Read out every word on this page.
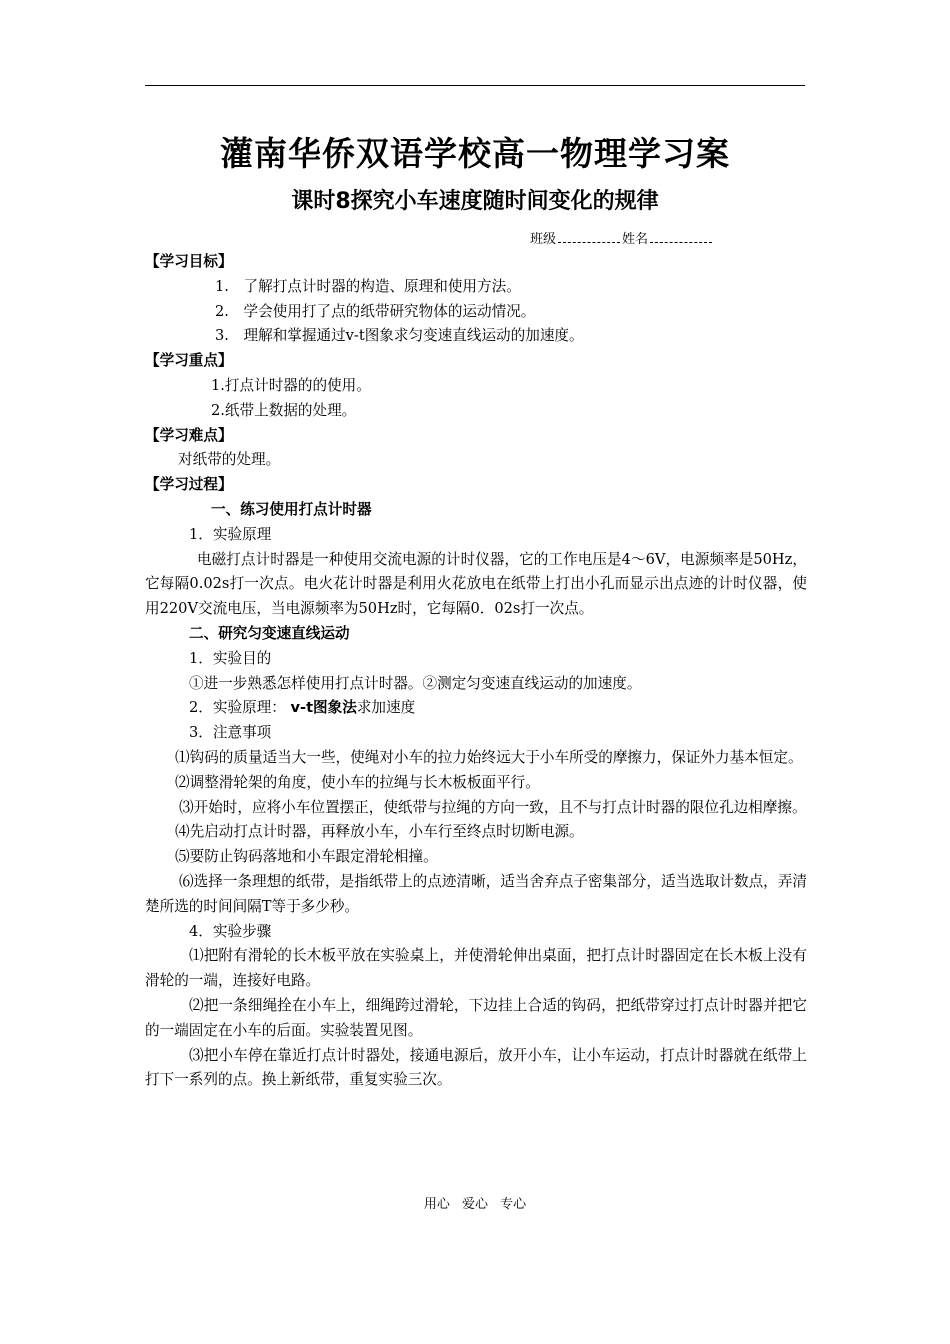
灌南华侨双语学校高一物理学习案
课时8探究小车速度随时间变化的规律
班级	姓名

【学习目标】

1.　了解打点计时器的构造、原理和使用方法。

2.　学会使用打了点的纸带研究物体的运动情况。

3.　理解和掌握通过v-t图象求匀变速直线运动的加速度。

【学习重点】

1.打点计时器的的使用。

2.纸带上数据的处理。

【学习难点】

对纸带的处理。

【学习过程】

一、练习使用打点计时器

1．实验原理

电磁打点计时器是一种使用交流电源的计时仪器，它的工作电压是4～6V，电源频率是50Hz，它每隔0.02s打一次点。电火花计时器是利用火花放电在纸带上打出小孔而显示出点迹的计时仪器，使用220V交流电压，当电源频率为50Hz时，它每隔0．02s打一次点。

二、研究匀变速直线运动

1．实验目的

①进一步熟悉怎样使用打点计时器。②测定匀变速直线运动的加速度。

2．实验原理： v-t图象法求加速度

3．注意事项

⑴钩码的质量适当大一些，使绳对小车的拉力始终远大于小车所受的摩擦力，保证外力基本恒定。

⑵调整滑轮架的角度，使小车的拉绳与长木板板面平行。

⑶开始时，应将小车位置摆正，使纸带与拉绳的方向一致，且不与打点计时器的限位孔边相摩擦。

⑷先启动打点计时器，再释放小车，小车行至终点时切断电源。

⑸要防止钩码落地和小车跟定滑轮相撞。

⑹选择一条理想的纸带，是指纸带上的点迹清晰，适当舍弃点子密集部分，适当选取计数点，弄清楚所选的时间间隔T等于多少秒。

4．实验步骤

⑴把附有滑轮的长木板平放在实验桌上，并使滑轮伸出桌面，把打点计时器固定在长木板上没有滑轮的一端，连接好电路。

⑵把一条细绳拴在小车上，细绳跨过滑轮，下边挂上合适的钩码，把纸带穿过打点计时器并把它的一端固定在小车的后面。实验装置见图。

⑶把小车停在靠近打点计时器处，接通电源后，放开小车，让小车运动，打点计时器就在纸带上打下一系列的点。换上新纸带，重复实验三次。

用心 爱心 专心
